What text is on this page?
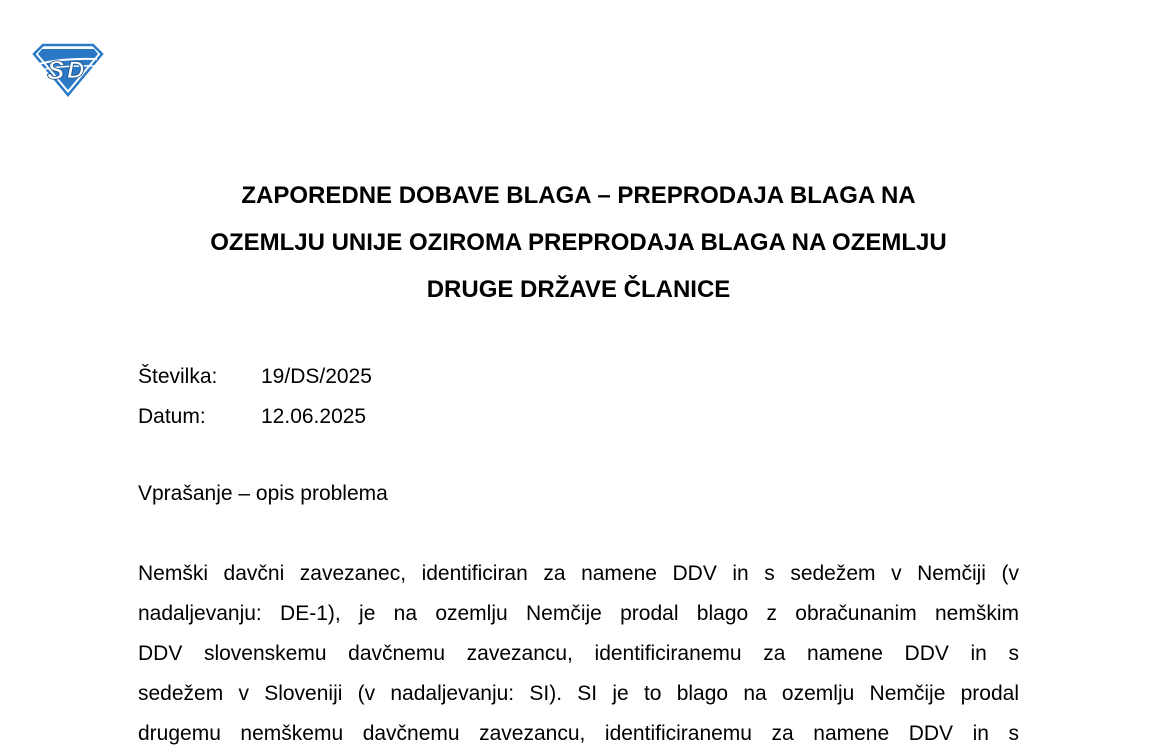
S D
ZAPOREDNE DOBAVE BLAGA – PREPRODAJA BLAGA NA
OZEMLJU UNIJE OZIROMA PREPRODAJA BLAGA NA OZEMLJU
DRUGE DRŽAVE ČLANICE
Številka:	19/DS/2025
Datum:	12.06.2025
Vprašanje – opis problema
Nemški davčni zavezanec, identificiran za namene DDV in s sedežem v Nemčiji (v
nadaljevanju: DE-1), je na ozemlju Nemčije prodal blago z obračunanim nemškim
DDV slovenskemu davčnemu zavezancu, identificiranemu za namene DDV in s
sedežem v Sloveniji (v nadaljevanju: SI). SI je to blago na ozemlju Nemčije prodal
drugemu nemškemu davčnemu zavezancu, identificiranemu za namene DDV in s
